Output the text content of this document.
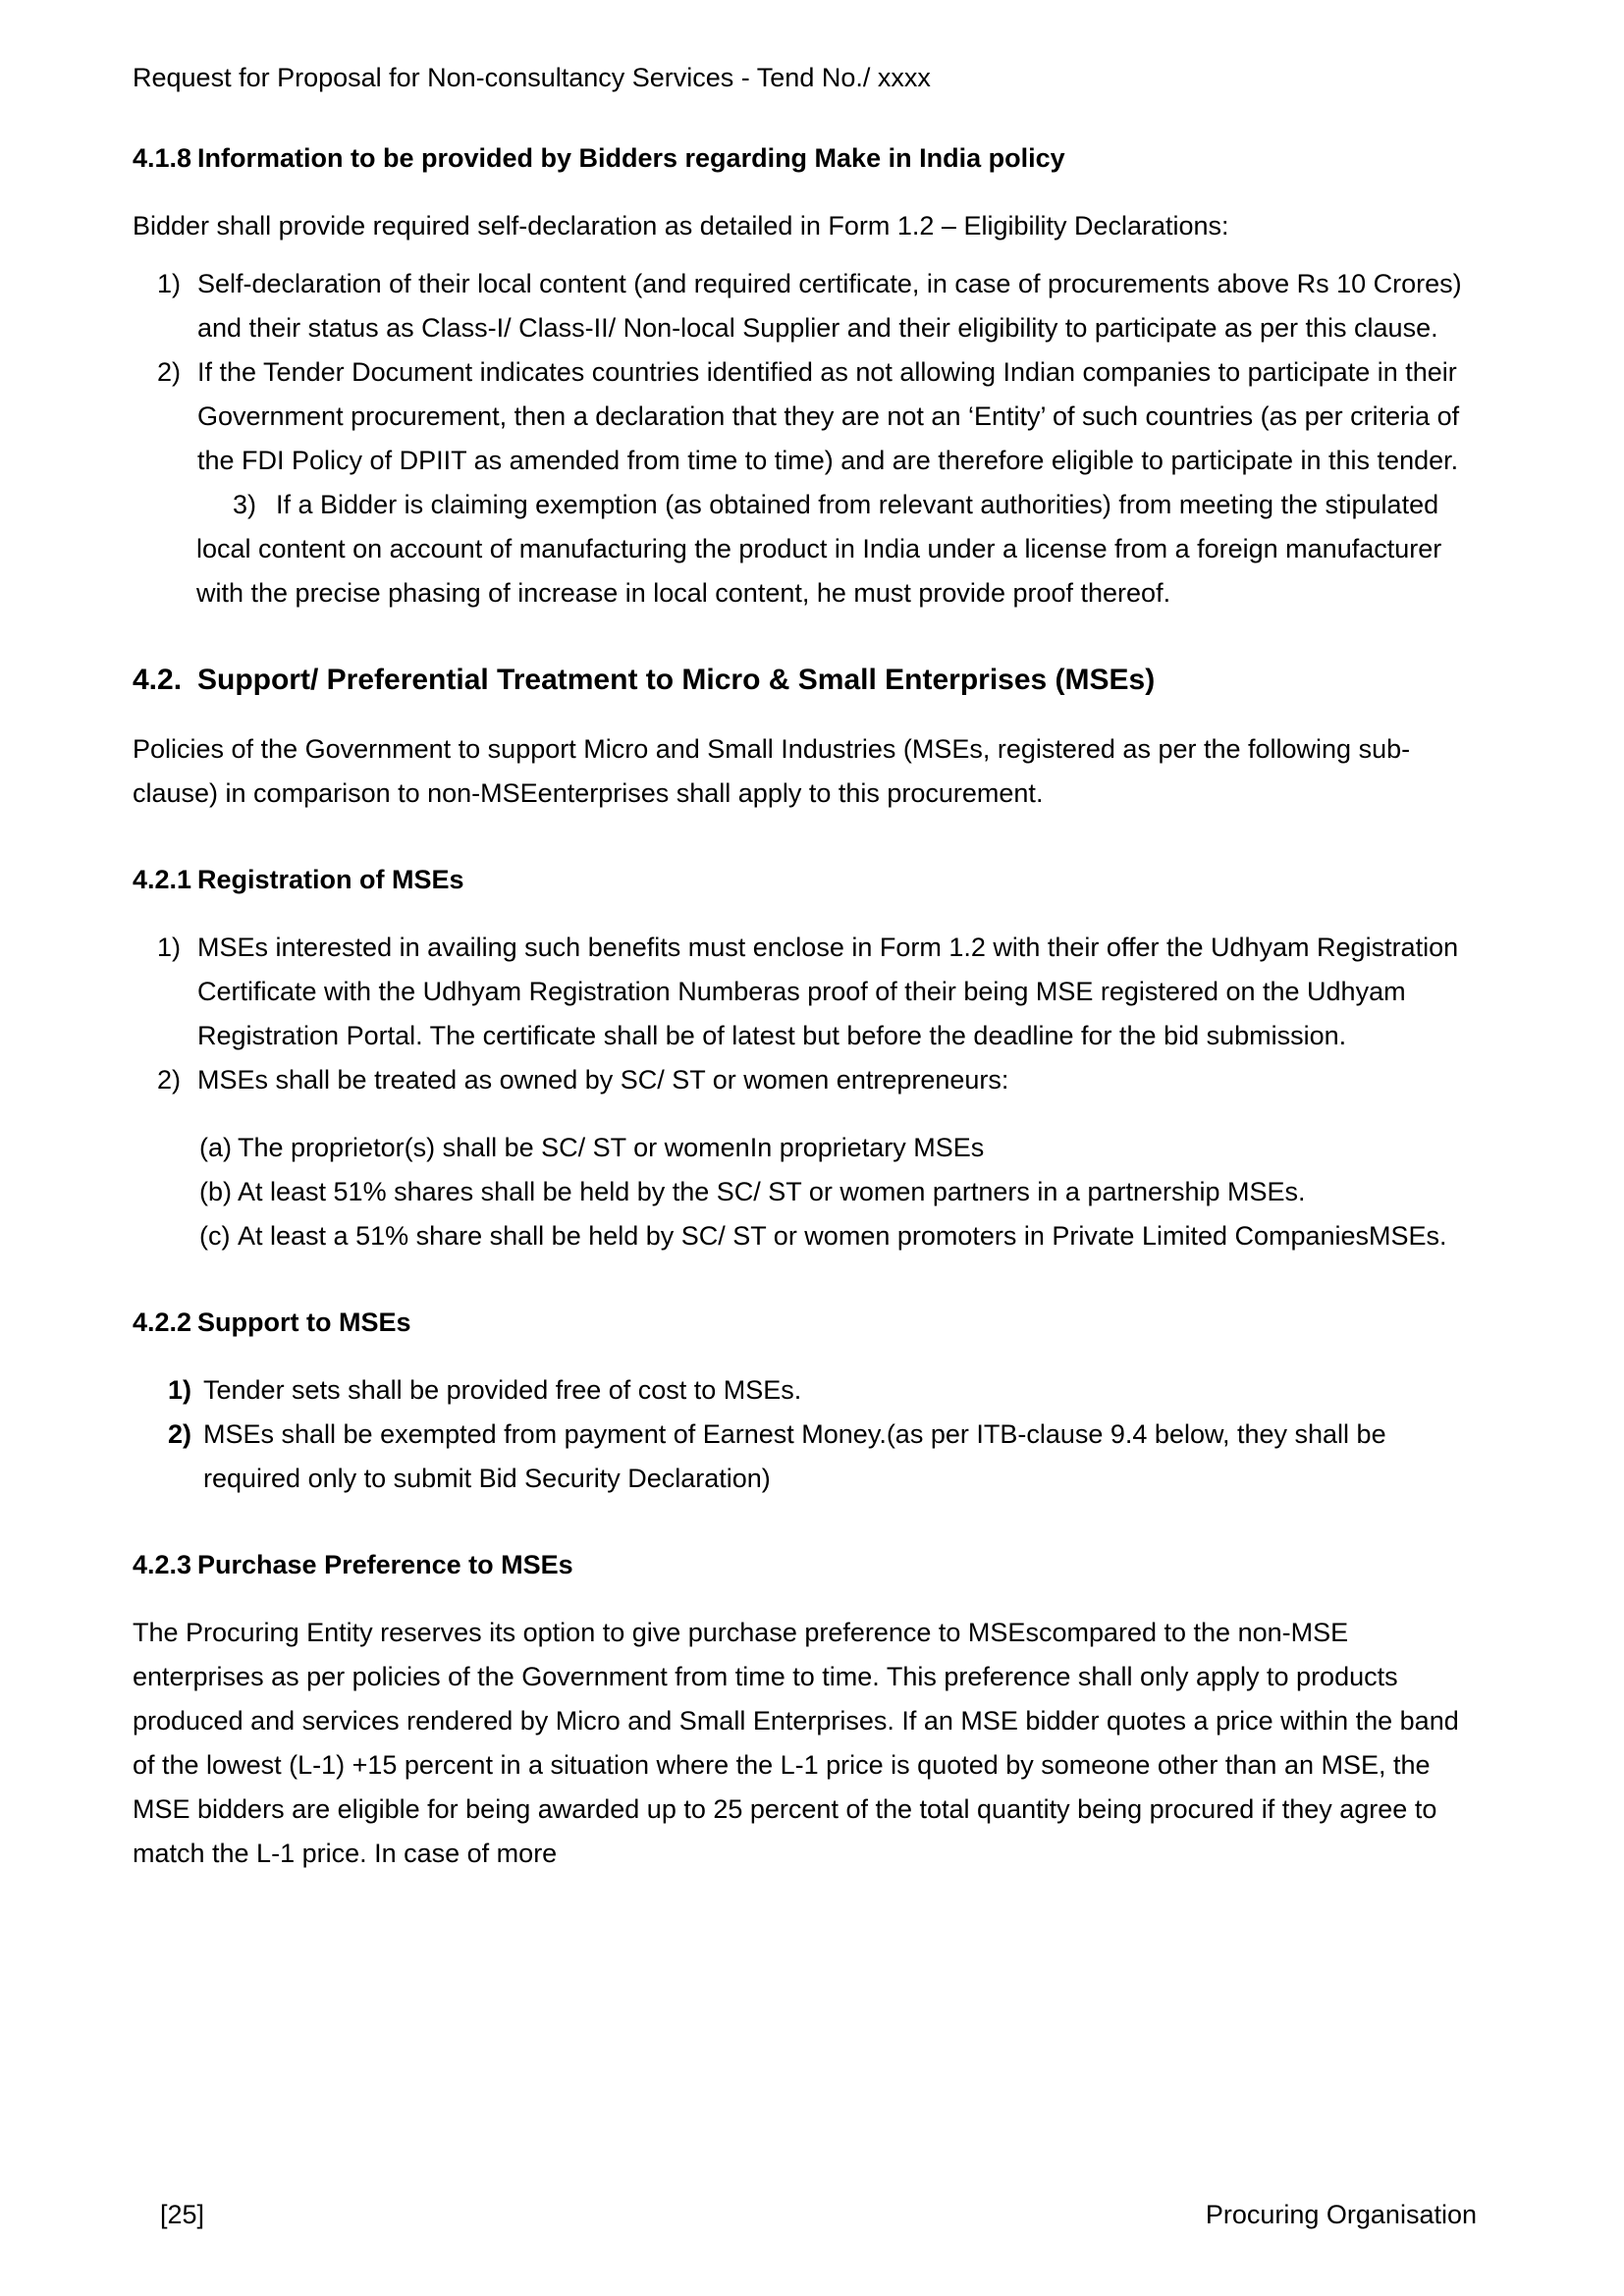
Request for Proposal for Non-consultancy Services - Tend No./ xxxx
4.1.8 Information to be provided by Bidders regarding Make in India policy

Bidder shall provide required self-declaration as detailed in Form 1.2 – Eligibility Declarations:

1) Self-declaration of their local content (and required certificate, in case of procurements above Rs 10 Crores) and their status as Class-I/ Class-II/ Non-local Supplier and their eligibility to participate as per this clause.
2) If the Tender Document indicates countries identified as not allowing Indian companies to participate in their Government procurement, then a declaration that they are not an ‘Entity’ of such countries (as per criteria of the FDI Policy of DPIIT as amended from time to time) and are therefore eligible to participate in this tender.

3) If a Bidder is claiming exemption (as obtained from relevant authorities) from meeting the stipulated local content on account of manufacturing the product in India under a license from a foreign manufacturer with the precise phasing of increase in local content, he must provide proof thereof.

4.2. Support/ Preferential Treatment to Micro & Small Enterprises (MSEs)

Policies of the Government to support Micro and Small Industries (MSEs, registered as per the following sub-clause) in comparison to non-MSEenterprises shall apply to this procurement.

4.2.1 Registration of MSEs
1) MSEs interested in availing such benefits must enclose in Form 1.2 with their offer the Udhyam Registration Certificate with the Udhyam Registration Numberas proof of their being MSE registered on the Udhyam Registration Portal. The certificate shall be of latest but before the deadline for the bid submission.
2) MSEs shall be treated as owned by SC/ ST or women entrepreneurs:
(a) The proprietor(s) shall be SC/ ST or womenIn proprietary MSEs
(b) At least 51% shares shall be held by the SC/ ST or women partners in a partnership MSEs.
(c) At least a 51% share shall be held by SC/ ST or women promoters in Private Limited CompaniesMSEs.
4.2.2 Support to MSEs
1) Tender sets shall be provided free of cost to MSEs.
2) MSEs shall be exempted from payment of Earnest Money.(as per ITB-clause 9.4 below, they shall be required only to submit Bid Security Declaration)
4.2.3 Purchase Preference to MSEs

The Procuring Entity reserves its option to give purchase preference to MSEscompared to the non-MSE enterprises as per policies of the Government from time to time. This preference shall only apply to products produced and services rendered by Micro and Small Enterprises. If an MSE bidder quotes a price within the band of the lowest (L-1) +15 percent in a situation where the L-1 price is quoted by someone other than an MSE, the MSE bidders are eligible for being awarded up to 25 percent of the total quantity being procured if they agree to match the L-1 price. In case of more

[25]	Procuring Organisation
